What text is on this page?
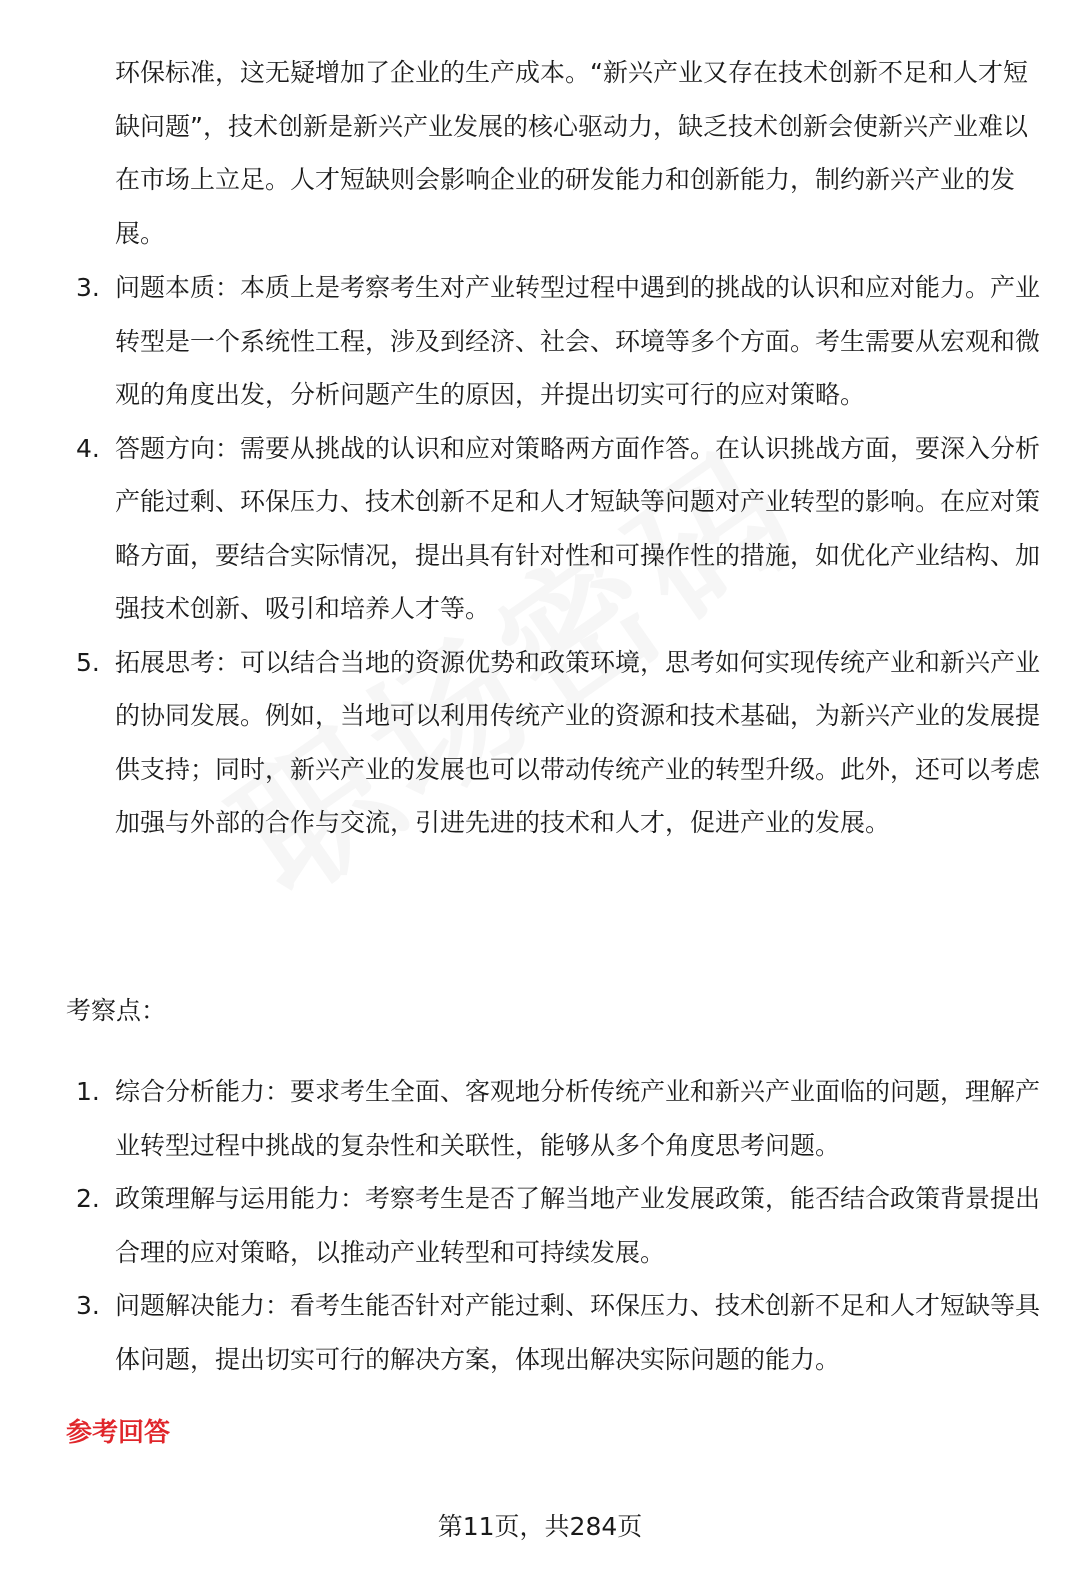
环保标准，这无疑增加了企业的生产成本。“新兴产业又存在技术创新不足和人才短缺问题”，技术创新是新兴产业发展的核心驱动力，缺乏技术创新会使新兴产业难以在市场上立足。人才短缺则会影响企业的研发能力和创新能力，制约新兴产业的发展。
3. 问题本质：本质上是考察考生对产业转型过程中遇到的挑战的认识和应对能力。产业转型是一个系统性工程，涉及到经济、社会、环境等多个方面。考生需要从宏观和微观的角度出发，分析问题产生的原因，并提出切实可行的应对策略。
4. 答题方向：需要从挑战的认识和应对策略两方面作答。在认识挑战方面，要深入分析产能过剩、环保压力、技术创新不足和人才短缺等问题对产业转型的影响。在应对策略方面，要结合实际情况，提出具有针对性和可操作性的措施，如优化产业结构、加强技术创新、吸引和培养人才等。
5. 拓展思考：可以结合当地的资源优势和政策环境，思考如何实现传统产业和新兴产业的协同发展。例如，当地可以利用传统产业的资源和技术基础，为新兴产业的发展提供支持；同时，新兴产业的发展也可以带动传统产业的转型升级。此外，还可以考虑加强与外部的合作与交流，引进先进的技术和人才，促进产业的发展。
考察点：
1. 综合分析能力：要求考生全面、客观地分析传统产业和新兴产业面临的问题，理解产业转型过程中挑战的复杂性和关联性，能够从多个角度思考问题。
2. 政策理解与运用能力：考察考生是否了解当地产业发展政策，能否结合政策背景提出合理的应对策略，以推动产业转型和可持续发展。
3. 问题解决能力：看考生能否针对产能过剩、环保压力、技术创新不足和人才短缺等具体问题，提出切实可行的解决方案，体现出解决实际问题的能力。
参考回答
第11页，共284页
